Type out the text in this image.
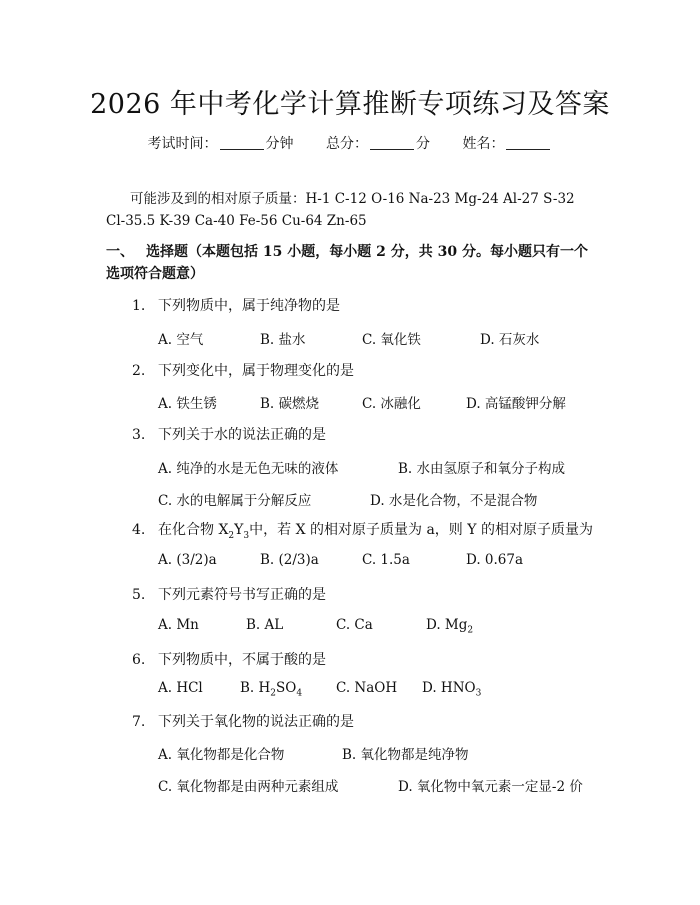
2026 年中考化学计算推断专项练习及答案
考试时间：	分钟 总分：	分 姓名：
可能涉及到的相对原子质量：H-1 C-12 O-16 Na-23 Mg-24 Al-27 S-32 Cl-35.5 K-39 Ca-40 Fe-56 Cu-64 Zn-65
一、 选择题（本题包括 15 小题，每小题 2 分，共 30 分。每小题只有一个选项符合题意）
1. 下列物质中，属于纯净物的是
A. 空气	B. 盐水	C. 氧化铁	D. 石灰水
2. 下列变化中，属于物理变化的是
A. 铁生锈	B. 碳燃烧	C. 冰融化	D. 高锰酸钾分解
3. 下列关于水的说法正确的是
A. 纯净的水是无色无味的液体	B. 水由氢原子和氧分子构成
C. 水的电解属于分解反应	D. 水是化合物，不是混合物
4. 在化合物 $X_2Y_3$中，若 X 的相对原子质量为 a，则 Y 的相对原子质量为
A. (3/2)a	B. (2/3)a	C. 1.5a	D. 0.67a
5. 下列元素符号书写正确的是
A. Mn	B. AL	C. Ca	D. $Mg_2$
6. 下列物质中，不属于酸的是
A. HCl	B. $H_2SO_4$	C. NaOH D. $HNO_3$
7. 下列关于氧化物的说法正确的是
A. 氧化物都是化合物	B. 氧化物都是纯净物
C. 氧化物都是由两种元素组成	D. 氧化物中氧元素一定显-2 价
